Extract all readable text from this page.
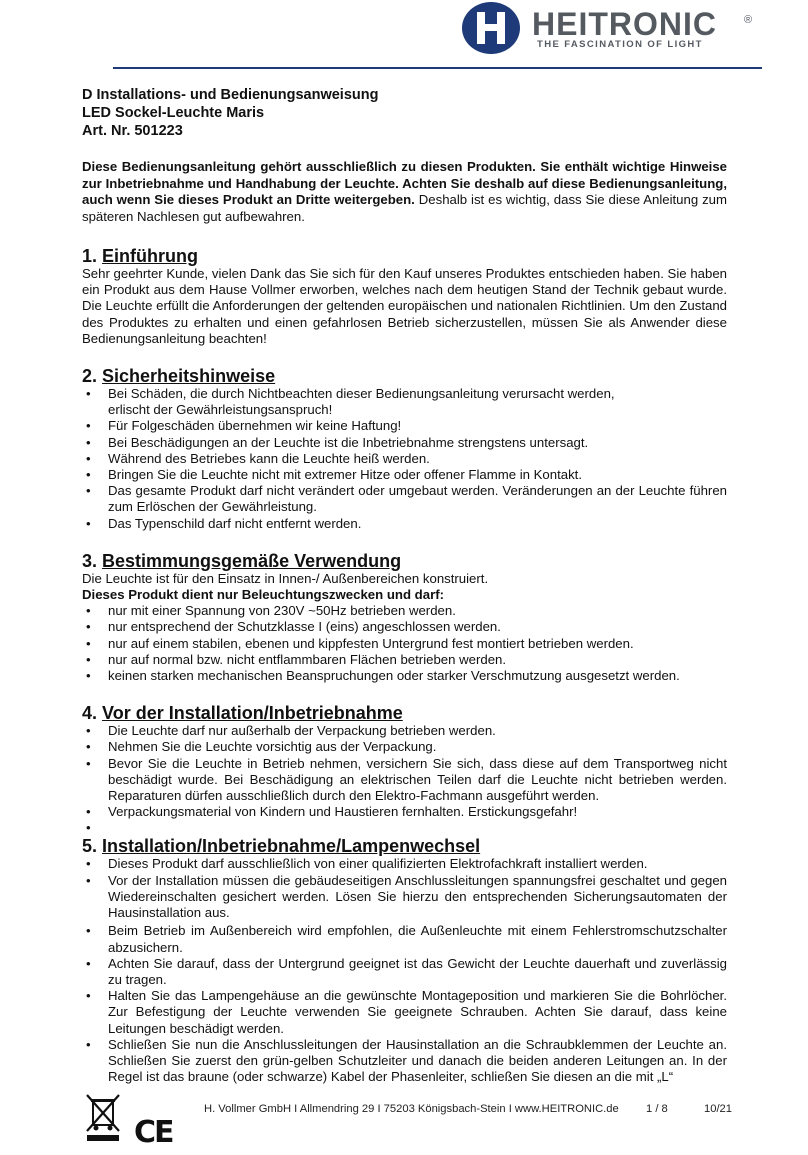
HEITRONIC ®
THE FASCINATION OF LIGHT

D Installations- und Bedienungsanweisung

LED Sockel-Leuchte Maris

Art. Nr. 501223

Diese Bedienungsanleitung gehört ausschließlich zu diesen Produkten. Sie enthält wichtige Hinweise zur Inbetriebnahme und Handhabung der Leuchte. Achten Sie deshalb auf diese Bedienungsanleitung, auch wenn Sie dieses Produkt an Dritte weitergeben. Deshalb ist es wichtig, dass Sie diese Anleitung zum späteren Nachlesen gut aufbewahren.
1. Einführung

Sehr geehrter Kunde, vielen Dank das Sie sich für den Kauf unseres Produktes entschieden haben. Sie haben ein Produkt aus dem Hause Vollmer erworben, welches nach dem heutigen Stand der Technik gebaut wurde. Die Leuchte erfüllt die Anforderungen der geltenden europäischen und nationalen Richtlinien. Um den Zustand des Produktes zu erhalten und einen gefahrlosen Betrieb sicherzustellen, müssen Sie als Anwender diese Bedienungsanleitung beachten!

2. Sicherheitshinweise
• Bei Schäden, die durch Nichtbeachten dieser Bedienungsanleitung verursacht werden,
erlischt der Gewährleistungsanspruch!
• Für Folgeschäden übernehmen wir keine Haftung!
• Bei Beschädigungen an der Leuchte ist die Inbetriebnahme strengstens untersagt.
• Während des Betriebes kann die Leuchte heiß werden.
• Bringen Sie die Leuchte nicht mit extremer Hitze oder offener Flamme in Kontakt.
• Das gesamte Produkt darf nicht verändert oder umgebaut werden. Veränderungen an der Leuchte führen zum Erlöschen der Gewährleistung.
• Das Typenschild darf nicht entfernt werden.
3. Bestimmungsgemäße Verwendung

Die Leuchte ist für den Einsatz in Innen-/ Außenbereichen konstruiert.

Dieses Produkt dient nur Beleuchtungszwecken und darf:

• nur mit einer Spannung von 230V ~50Hz betrieben werden.
• nur entsprechend der Schutzklasse I (eins) angeschlossen werden.
• nur auf einem stabilen, ebenen und kippfesten Untergrund fest montiert betrieben werden.
• nur auf normal bzw. nicht entflammbaren Flächen betrieben werden.
• keinen starken mechanischen Beanspruchungen oder starker Verschmutzung ausgesetzt werden.
4. Vor der Installation/Inbetriebnahme
• Die Leuchte darf nur außerhalb der Verpackung betrieben werden.
• Nehmen Sie die Leuchte vorsichtig aus der Verpackung.
• Bevor Sie die Leuchte in Betrieb nehmen, versichern Sie sich, dass diese auf dem Transportweg nicht beschädigt wurde. Bei Beschädigung an elektrischen Teilen darf die Leuchte nicht betrieben werden. Reparaturen dürfen ausschließlich durch den Elektro-Fachmann ausgeführt werden.
• Verpackungsmaterial von Kindern und Haustieren fernhalten. Erstickungsgefahr!
•
5. Installation/Inbetriebnahme/Lampenwechsel
• Dieses Produkt darf ausschließlich von einer qualifizierten Elektrofachkraft installiert werden.
• Vor der Installation müssen die gebäudeseitigen Anschlussleitungen spannungsfrei geschaltet und gegen Wiedereinschalten gesichert werden. Lösen Sie hierzu den entsprechenden Sicherungsautomaten der Hausinstallation aus.
• Beim Betrieb im Außenbereich wird empfohlen, die Außenleuchte mit einem Fehlerstromschutzschalter abzusichern.
• Achten Sie darauf, dass der Untergrund geeignet ist das Gewicht der Leuchte dauerhaft und zuverlässig zu tragen.
• Halten Sie das Lampengehäuse an die gewünschte Montageposition und markieren Sie die Bohrlöcher. Zur Befestigung der Leuchte verwenden Sie geeignete Schrauben. Achten Sie darauf, dass keine Leitungen beschädigt werden.
• Schließen Sie nun die Anschlussleitungen der Hausinstallation an die Schraubklemmen der Leuchte an. Schließen Sie zuerst den grün-gelben Schutzleiter und danach die beiden anderen Leitungen an. In der Regel ist das braune (oder schwarze) Kabel der Phasenleiter, schließen Sie diesen an die mit „L“
CE
H. Vollmer GmbH I Allmendring 29 I 75203 Königsbach-Stein I www.HEITRONIC.de 1 / 8	10/21
